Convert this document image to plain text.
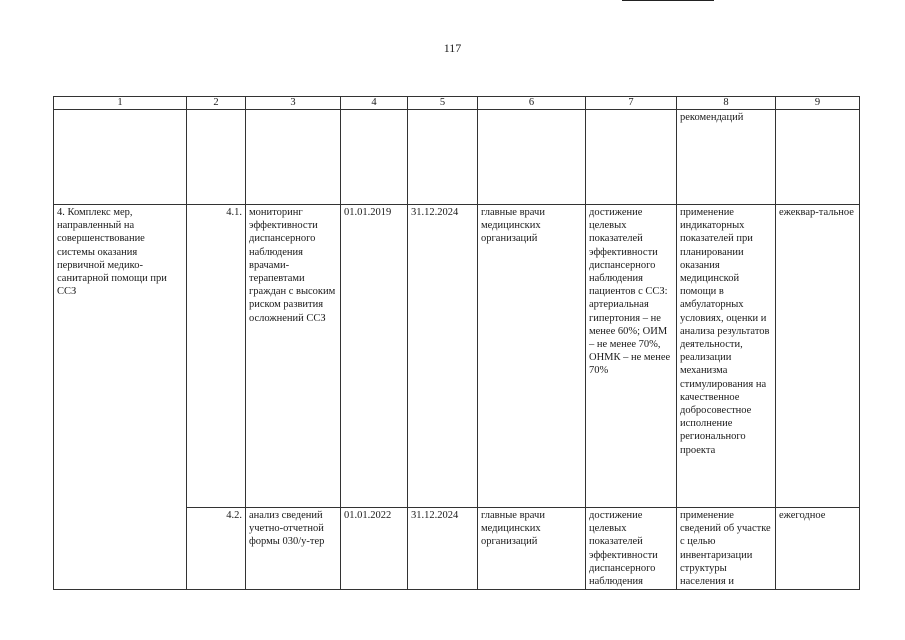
117
1	2	3	4	5	6	7	8	9
							рекомендаций	
4. Комплекс мер, направленный на совершенствование системы оказания первичной медико-санитарной помощи при ССЗ	4.1.	мониторинг эффективности диспансерного наблюдения врачами-терапевтами граждан с высоким риском развития осложнений ССЗ	01.01.2019	31.12.2024	главные врачи медицинских организаций	достижение целевых показателей эффективности диспансерного наблюдения пациентов с ССЗ: артериальная гипертония – не менее 60%; ОИМ – не менее 70%, ОНМК – не менее 70%	применение индикаторных показателей при планировании оказания медицинской помощи в амбулаторных условиях, оценки и анализа результатов деятельности, реализации механизма стимулирования на качественное добросовестное исполнение регионального проекта	ежеквар-тальное
	4.2.	анализ сведений учетно-отчетной формы 030/у-тер	01.01.2022	31.12.2024	главные врачи медицинских организаций	достижение целевых показателей эффективности диспансерного наблюдения	применение сведений об участке с целью инвентаризации структуры населения и	ежегодное
